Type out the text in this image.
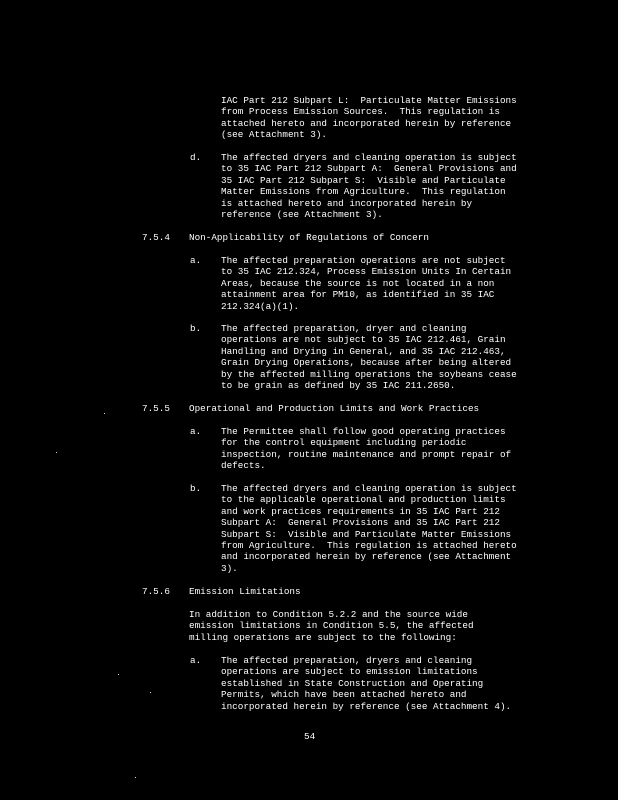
IAC Part 212 Subpart L:  Particulate Matter Emissions
from Process Emission Sources.  This regulation is
attached hereto and incorporated herein by reference
(see Attachment 3).
d. The affected dryers and cleaning operation is subject
to 35 IAC Part 212 Subpart A:  General Provisions and
35 IAC Part 212 Subpart S:  Visible and Particulate
Matter Emissions from Agriculture.  This regulation
is attached hereto and incorporated herein by
reference (see Attachment 3).
7.5.4 Non-Applicability of Regulations of Concern
a. The affected preparation operations are not subject
to 35 IAC 212.324, Process Emission Units In Certain
Areas, because the source is not located in a non
attainment area for PM10, as identified in 35 IAC
212.324(a)(1).
b. The affected preparation, dryer and cleaning
operations are not subject to 35 IAC 212.461, Grain
Handling and Drying in General, and 35 IAC 212.463,
Grain Drying Operations, because after being altered
by the affected milling operations the soybeans cease
to be grain as defined by 35 IAC 211.2650.
7.5.5 Operational and Production Limits and Work Practices
a. The Permittee shall follow good operating practices
for the control equipment including periodic
inspection, routine maintenance and prompt repair of
defects.
b. The affected dryers and cleaning operation is subject
to the applicable operational and production limits
and work practices requirements in 35 IAC Part 212
Subpart A:  General Provisions and 35 IAC Part 212
Subpart S:  Visible and Particulate Matter Emissions
from Agriculture.  This regulation is attached hereto
and incorporated herein by reference (see Attachment
3).
7.5.6 Emission Limitations
In addition to Condition 5.2.2 and the source wide
emission limitations in Condition 5.5, the affected
milling operations are subject to the following:
a. The affected preparation, dryers and cleaning
operations are subject to emission limitations
established in State Construction and Operating
Permits, which have been attached hereto and
incorporated herein by reference (see Attachment 4).
54
